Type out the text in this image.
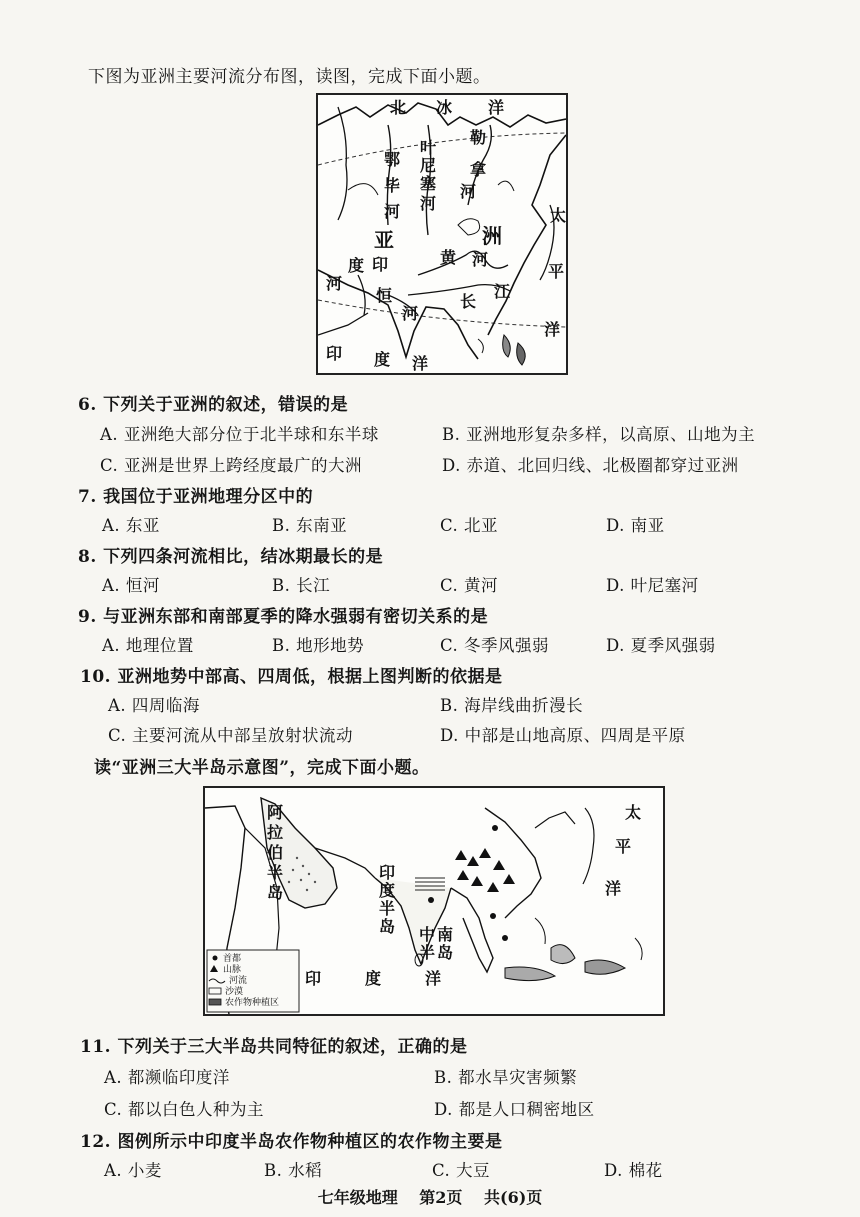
下图为亚洲主要河流分布图，读图，完成下面小题。
北 冰 洋
勒
拿
河
鄂
毕
河
叶
尼
塞
河
亚	洲
黄 河
长
江
印
度
河
恒
河
太
平
洋
印 度 洋
6. 下列关于亚洲的叙述，错误的是
A. 亚洲绝大部分位于北半球和东半球	B. 亚洲地形复杂多样，以高原、山地为主
C. 亚洲是世界上跨经度最广的大洲	D. 赤道、北回归线、北极圈都穿过亚洲
7. 我国位于亚洲地理分区中的
A. 东亚	B. 东南亚	C. 北亚	D. 南亚
8. 下列四条河流相比，结冰期最长的是
A. 恒河	B. 长江	C. 黄河	D. 叶尼塞河
9. 与亚洲东部和南部夏季的降水强弱有密切关系的是
A. 地理位置	B. 地形地势	C. 冬季风强弱	D. 夏季风强弱
10. 亚洲地势中部高、四周低，根据上图判断的依据是
A. 四周临海	B. 海岸线曲折漫长
C. 主要河流从中部呈放射状流动	D. 中部是山地高原、四周是平原
读“亚洲三大半岛示意图”，完成下面小题。
阿
拉
伯
半
岛
印
度
半
岛 中 南
半 岛
太
平
洋
印	度	洋
首都
山脉
河流
沙漠
农作物种植区
11. 下列关于三大半岛共同特征的叙述，正确的是
A. 都濒临印度洋	B. 都水旱灾害频繁
C. 都以白色人种为主	D. 都是人口稠密地区
12. 图例所示中印度半岛农作物种植区的农作物主要是
A. 小麦	B. 水稻	C. 大豆	D. 棉花
七年级地理 第2页 共(6)页
